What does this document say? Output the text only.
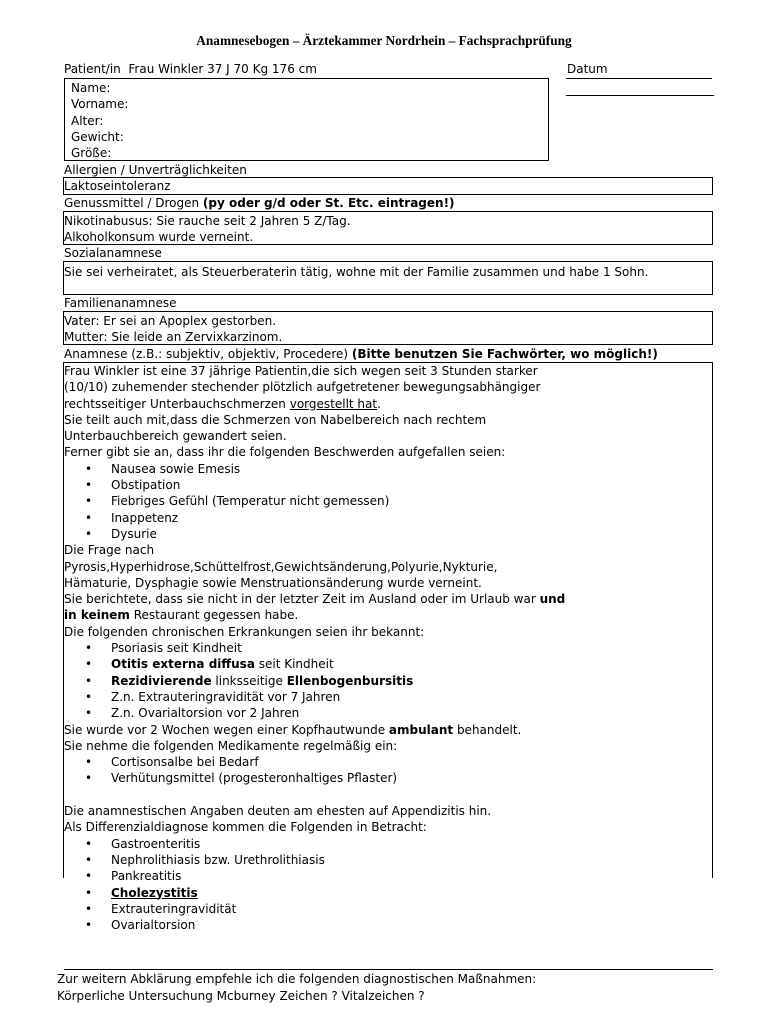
Anamnesebogen – Ärztekammer Nordrhein – Fachsprachprüfung
Patient/in Frau Winkler 37 J 70 Kg 176 cm	Datum
Name:
Vorname:
Alter:
Gewicht:
Größe:
Allergien / Unverträglichkeiten
Laktoseintoleranz
Genussmittel / Drogen (py oder g/d oder St. Etc. eintragen!)
Nikotinabusus: Sie rauche seit 2 Jahren 5 Z/Tag.
Alkoholkonsum wurde verneint.
Sozialanamnese
Sie sei verheiratet, als Steuerberaterin tätig, wohne mit der Familie zusammen und habe 1 Sohn.
Familienanamnese
Vater: Er sei an Apoplex gestorben.
Mutter: Sie leide an Zervixkarzinom.
Anamnese (z.B.: subjektiv, objektiv, Procedere) (Bitte benutzen Sie Fachwörter, wo möglich!)
Frau Winkler ist eine 37 jährige Patientin,die sich wegen seit 3 Stunden starker
(10/10) zuhemender stechender plötzlich aufgetretener bewegungsabhängiger
rechtsseitiger Unterbauchschmerzen vorgestellt hat.
Sie teilt auch mit,dass die Schmerzen von Nabelbereich nach rechtem
Unterbauchbereich gewandert seien.
Ferner gibt sie an, dass ihr die folgenden Beschwerden aufgefallen seien:
• Nausea sowie Emesis
• Obstipation
• Fiebriges Gefühl (Temperatur nicht gemessen)
• Inappetenz
• Dysurie
Die Frage nach
Pyrosis,Hyperhidrose,Schüttelfrost,Gewichtsänderung,Polyurie,Nykturie,
Hämaturie, Dysphagie sowie Menstruationsänderung wurde verneint.
Sie berichtete, dass sie nicht in der letzter Zeit im Ausland oder im Urlaub war und
in keinem Restaurant gegessen habe.
Die folgenden chronischen Erkrankungen seien ihr bekannt:
• Psoriasis seit Kindheit
• Otitis externa diffusa seit Kindheit
• Rezidivierende linksseitige Ellenbogenbursitis
• Z.n. Extrauteringravidität vor 7 Jahren
• Z.n. Ovarialtorsion vor 2 Jahren
Sie wurde vor 2 Wochen wegen einer Kopfhautwunde ambulant behandelt.
Sie nehme die folgenden Medikamente regelmäßig ein:
• Cortisonsalbe bei Bedarf
• Verhütungsmittel (progesteronhaltiges Pflaster)
Die anamnestischen Angaben deuten am ehesten auf Appendizitis hin.
Als Differenzialdiagnose kommen die Folgenden in Betracht:
• Gastroenteritis
• Nephrolithiasis bzw. Urethrolithiasis
• Pankreatitis
• Cholezystitis
• Extrauteringravidität
• Ovarialtorsion
Zur weitern Abklärung empfehle ich die folgenden diagnostischen Maßnahmen:
Körperliche Untersuchung Mcburney Zeichen ? Vitalzeichen ?
